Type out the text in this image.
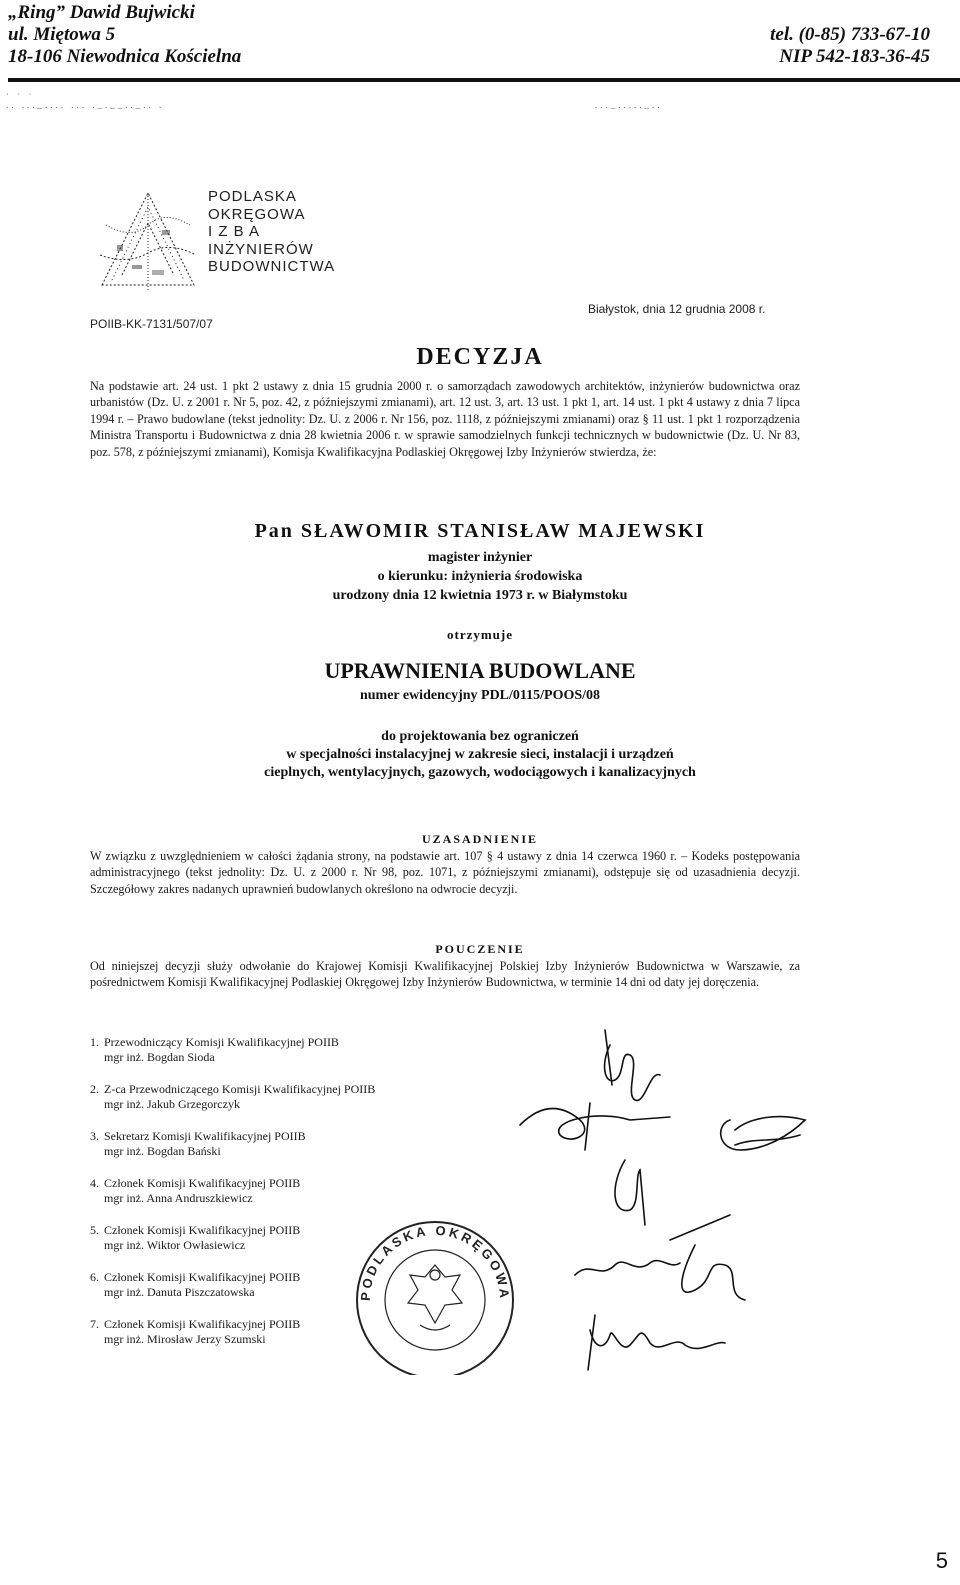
„Ring” Dawid Bujwicki
ul. Miętowa 5
18-106 Niewodnica Kościelna
tel. (0-85) 733-67-10
NIP 542-183-36-45
˙ ˙ ˙
.. ..._.... ... ._.__.._.. .	..._....._..
PODLASKA
OKRĘGOWA
I Z B A
INŻYNIERÓW
BUDOWNICTWA
POIIB-KK-7131/507/07
Białystok, dnia 12 grudnia 2008 r.
DECYZJA
Na podstawie art. 24 ust. 1 pkt 2 ustawy z dnia 15 grudnia 2000 r. o samorządach zawodowych architektów, inżynierów budownictwa oraz urbanistów (Dz. U. z 2001 r. Nr 5, poz. 42, z późniejszymi zmianami), art. 12 ust. 3, art. 13 ust. 1 pkt 1, art. 14 ust. 1 pkt 4 ustawy z dnia 7 lipca 1994 r. – Prawo budowlane (tekst jednolity: Dz. U. z 2006 r. Nr 156, poz. 1118, z późniejszymi zmianami) oraz § 11 ust. 1 pkt 1 rozporządzenia Ministra Transportu i Budownictwa z dnia 28 kwietnia 2006 r. w sprawie samodzielnych funkcji technicznych w budownictwie (Dz. U. Nr 83, poz. 578, z późniejszymi zmianami), Komisja Kwalifikacyjna Podlaskiej Okręgowej Izby Inżynierów stwierdza, że:
Pan SŁAWOMIR STANISŁAW MAJEWSKI
magister inżynier
o kierunku: inżynieria środowiska
urodzony dnia 12 kwietnia 1973 r. w Białymstoku
otrzymuje
UPRAWNIENIA BUDOWLANE
numer ewidencyjny PDL/0115/POOS/08
do projektowania bez ograniczeń
w specjalności instalacyjnej w zakresie sieci, instalacji i urządzeń
cieplnych, wentylacyjnych, gazowych, wodociągowych i kanalizacyjnych
UZASADNIENIE
W związku z uwzględnieniem w całości żądania strony, na podstawie art. 107 § 4 ustawy z dnia 14 czerwca 1960 r. – Kodeks postępowania administracyjnego (tekst jednolity: Dz. U. z 2000 r. Nr 98, poz. 1071, z późniejszymi zmianami), odstępuje się od uzasadnienia decyzji. Szczegółowy zakres nadanych uprawnień budowlanych określono na odwrocie decyzji.
POUCZENIE
Od niniejszej decyzji służy odwołanie do Krajowej Komisji Kwalifikacyjnej Polskiej Izby Inżynierów Budownictwa w Warszawie, za pośrednictwem Komisji Kwalifikacyjnej Podlaskiej Okręgowej Izby Inżynierów Budownictwa, w terminie 14 dni od daty jej doręczenia.
1. Przewodniczący Komisji Kwalifikacyjnej POIIB
mgr inż. Bogdan Sioda
2. Z-ca Przewodniczącego Komisji Kwalifikacyjnej POIIB
mgr inż. Jakub Grzegorczyk
3. Sekretarz Komisji Kwalifikacyjnej POIIB
mgr inż. Bogdan Bański
4. Członek Komisji Kwalifikacyjnej POIIB
mgr inż. Anna Andruszkiewicz
5. Członek Komisji Kwalifikacyjnej POIIB
mgr inż. Wiktor Owłasiewicz
6. Członek Komisji Kwalifikacyjnej POIIB
mgr inż. Danuta Piszczatowska
7. Członek Komisji Kwalifikacyjnej POIIB
mgr inż. Mirosław Jerzy Szumski
PODLASKA OKRĘGOWA
5
